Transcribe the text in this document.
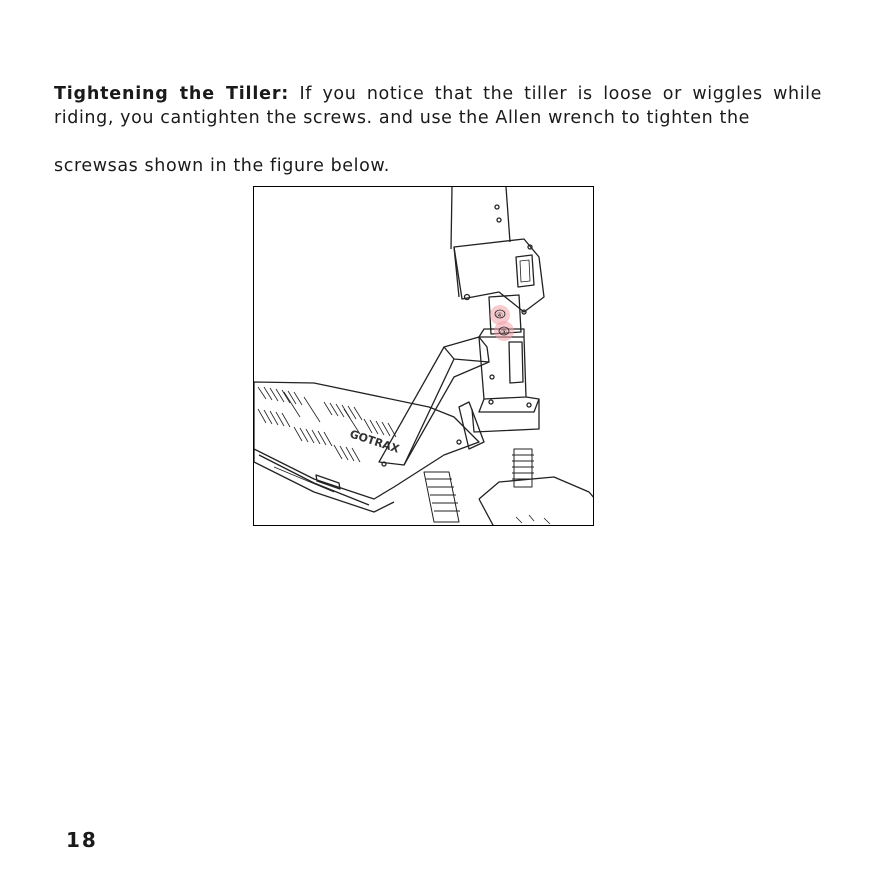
Tightening the Tiller: If you notice that the tiller is loose or wiggles while riding, you cantighten the screws. and use the Allen wrench to tighten the

screwsas shown in the figure below.

GOTRAX
④
③
18
